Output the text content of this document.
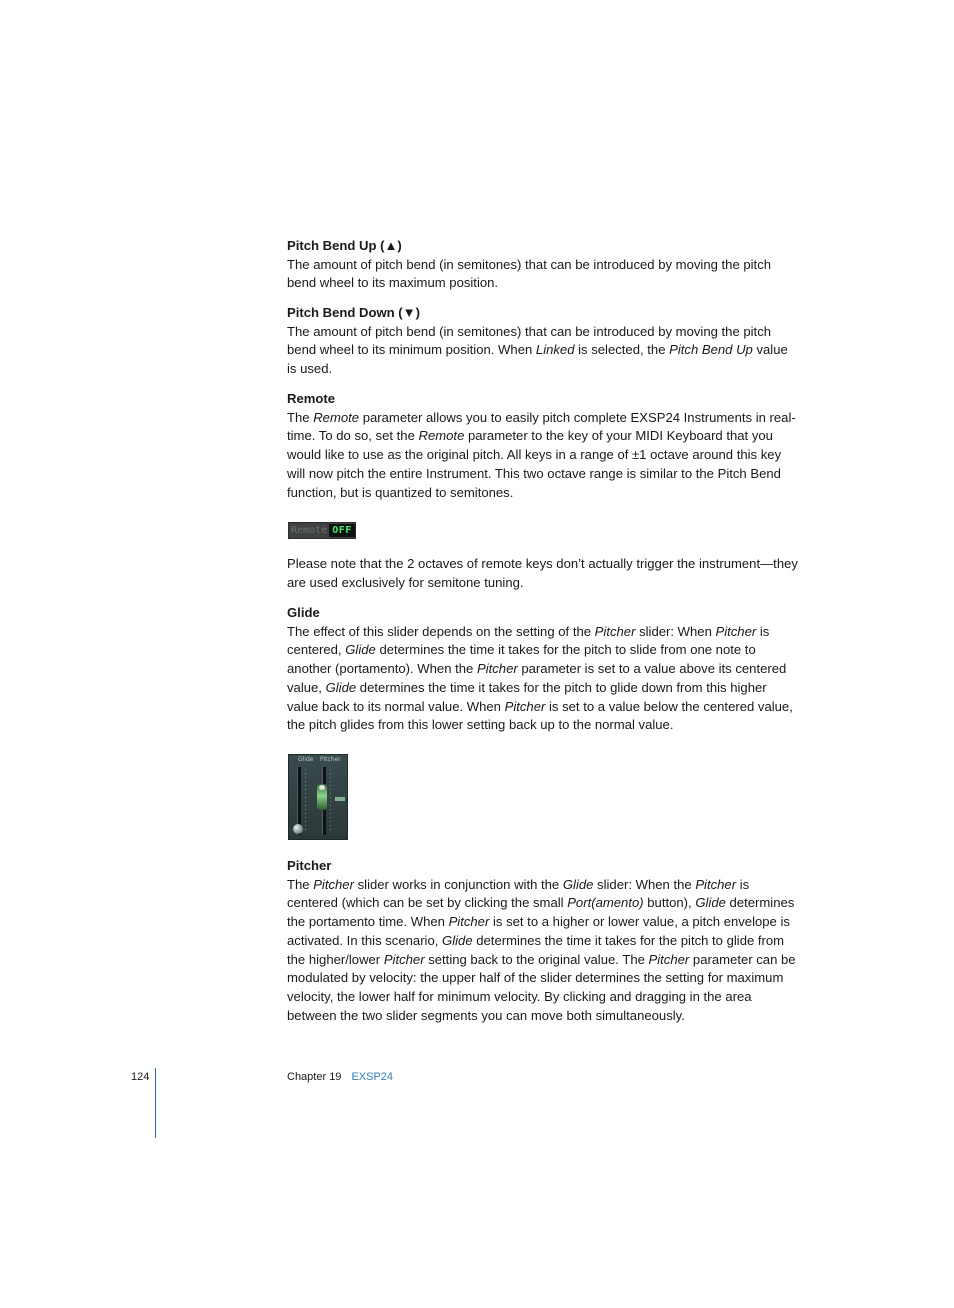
Pitch Bend Up (▲)

The amount of pitch bend (in semitones) that can be introduced by moving the pitch bend wheel to its maximum position.

Pitch Bend Down (▼)

The amount of pitch bend (in semitones) that can be introduced by moving the pitch bend wheel to its minimum position. When Linked is selected, the Pitch Bend Up value is used.

Remote

The Remote parameter allows you to easily pitch complete EXSP24 Instruments in real-time. To do so, set the Remote parameter to the key of your MIDI Keyboard that you would like to use as the original pitch. All keys in a range of ±1 octave around this key will now pitch the entire Instrument. This two octave range is similar to the Pitch Bend function, but is quantized to semitones.

Remote OFF

Please note that the 2 octaves of remote keys don’t actually trigger the instrument—they are used exclusively for semitone tuning.

Glide

The effect of this slider depends on the setting of the Pitcher slider: When Pitcher is centered, Glide determines the time it takes for the pitch to slide from one note to another (portamento). When the Pitcher parameter is set to a value above its centered value, Glide determines the time it takes for the pitch to glide down from this higher value back to its normal value. When Pitcher is set to a value below the centered value, the pitch glides from this lower setting back up to the normal value.

Glide Pitcher

Pitcher

The Pitcher slider works in conjunction with the Glide slider: When the Pitcher is centered (which can be set by clicking the small Port(amento) button), Glide determines the portamento time. When Pitcher is set to a higher or lower value, a pitch envelope is activated. In this scenario, Glide determines the time it takes for the pitch to glide from the higher/lower Pitcher setting back to the original value. The Pitcher parameter can be modulated by velocity: the upper half of the slider determines the setting for maximum velocity, the lower half for minimum velocity. By clicking and dragging in the area between the two slider segments you can move both simultaneously.

124	Chapter 19 EXSP24
